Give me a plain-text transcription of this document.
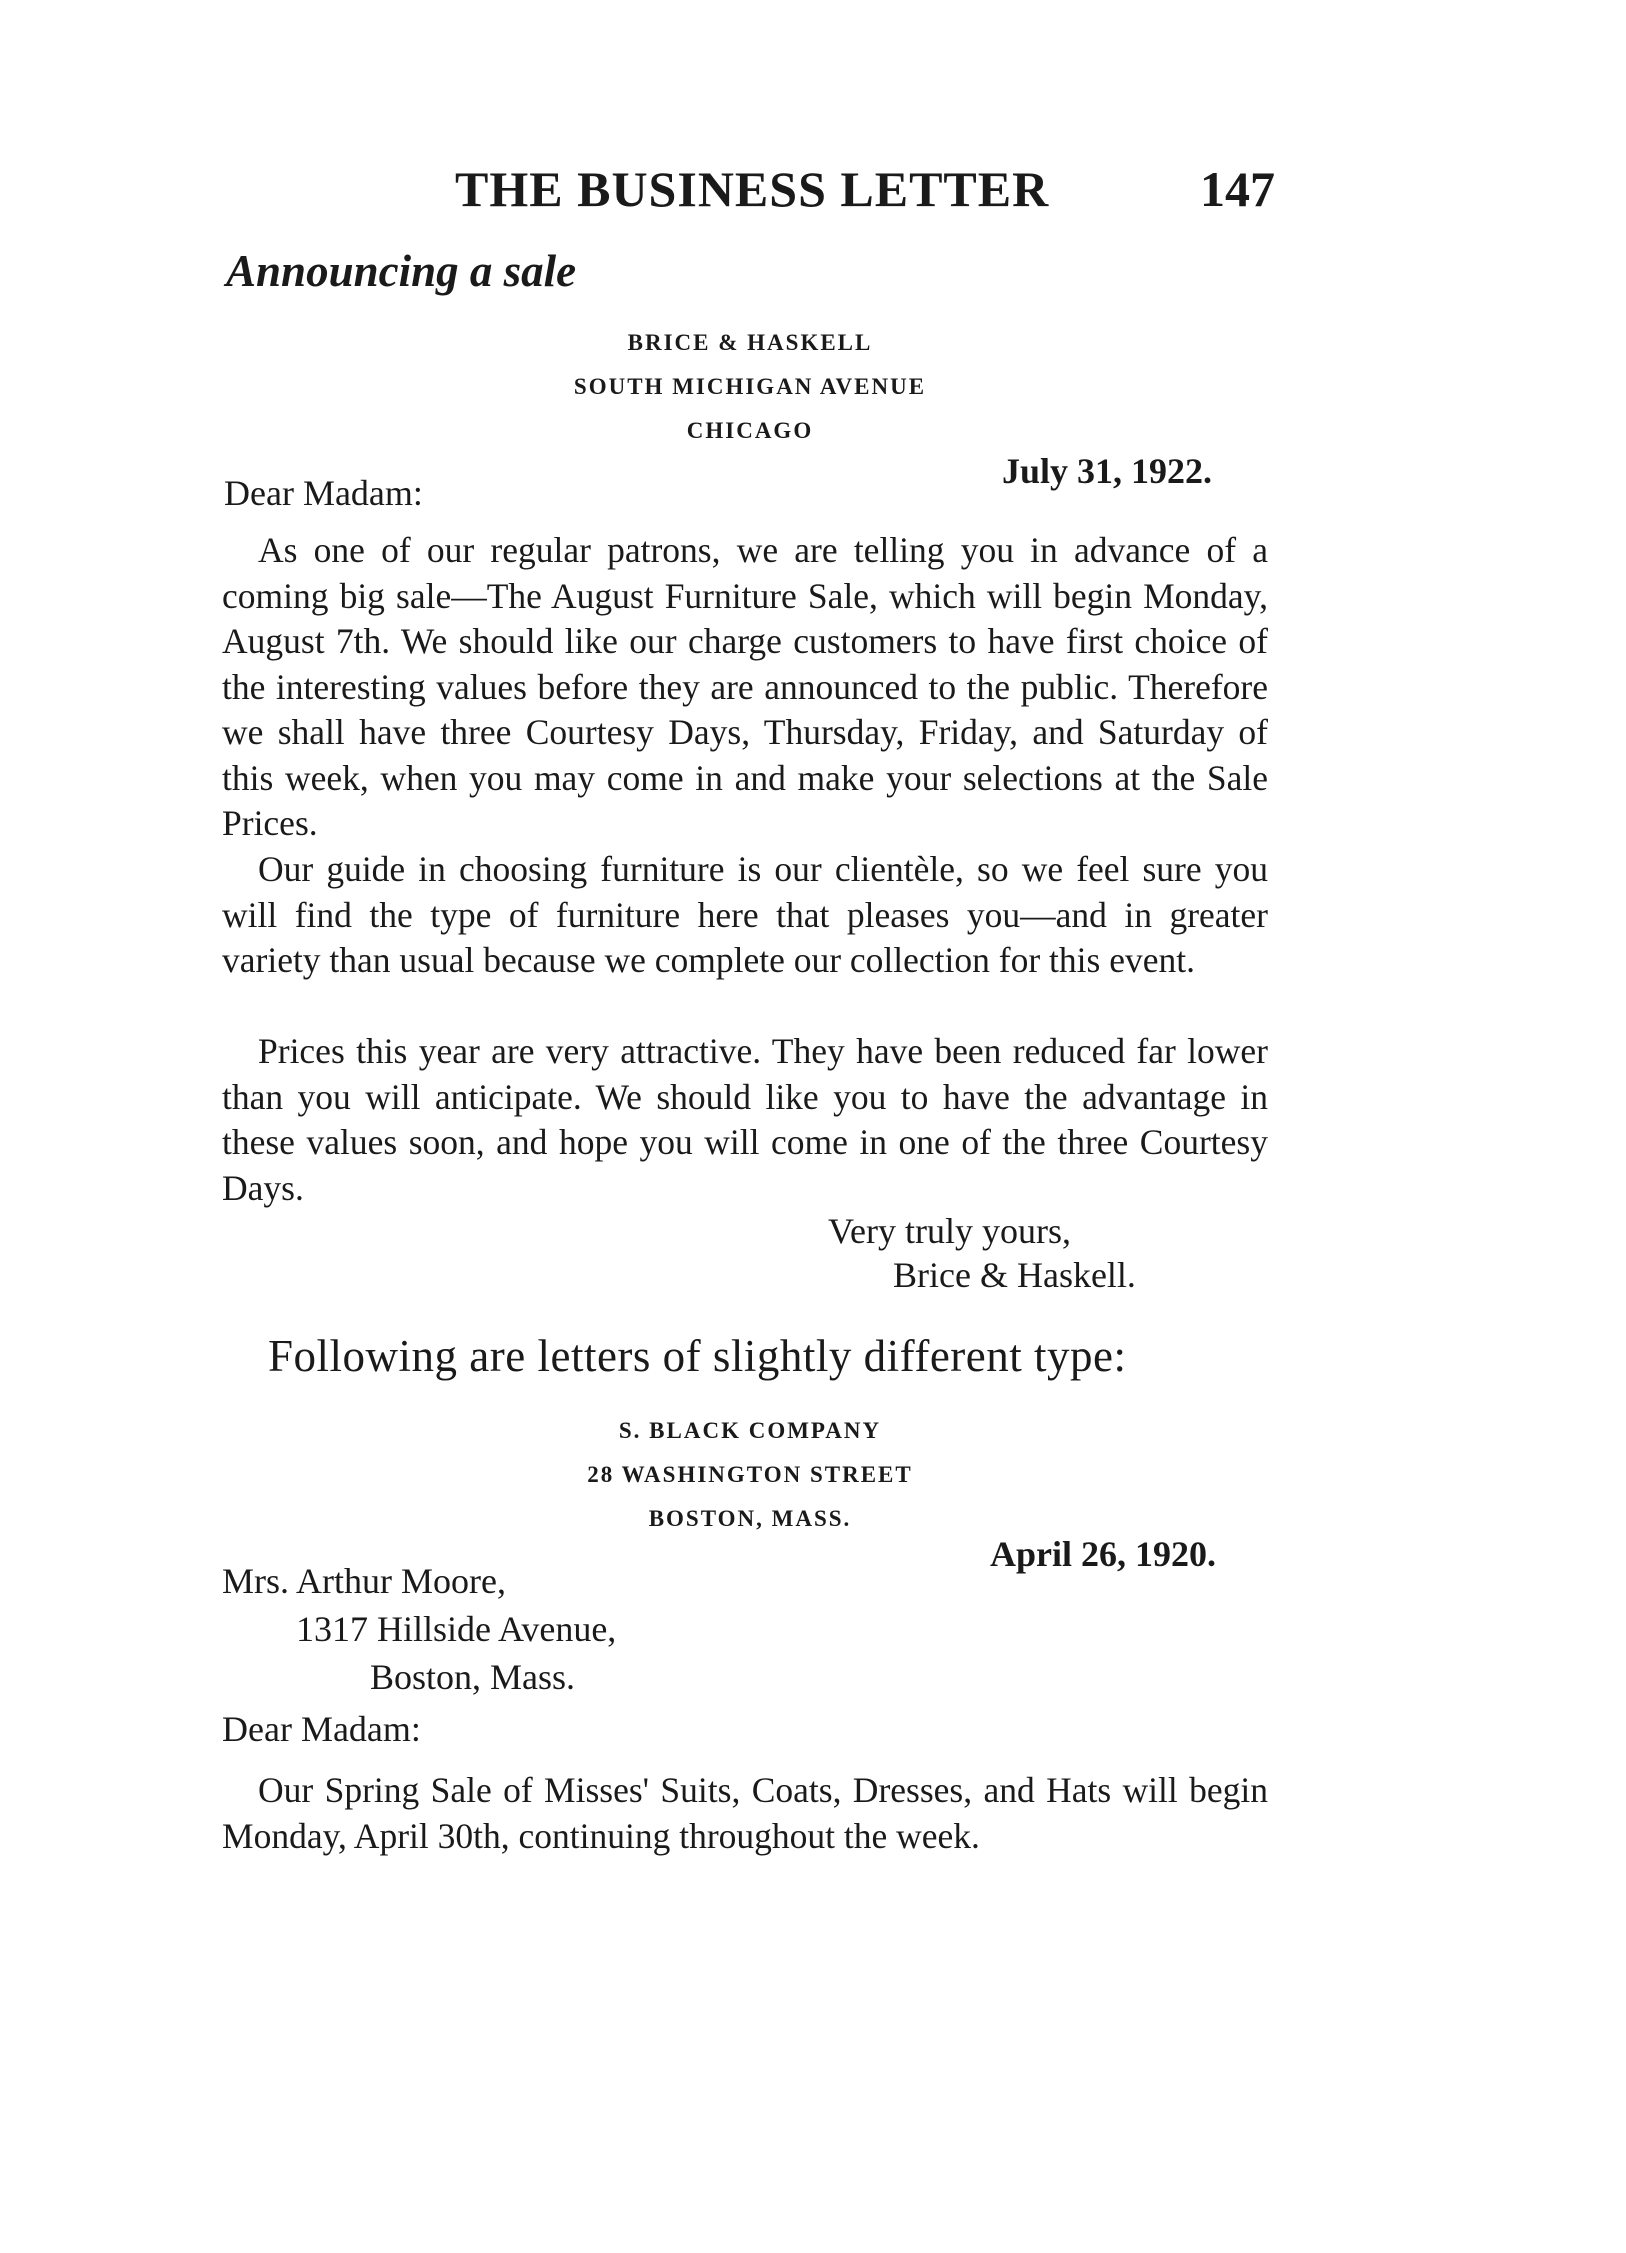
THE BUSINESS LETTER	147
Announcing a sale
BRICE & HASKELL
SOUTH MICHIGAN AVENUE
CHICAGO
July 31, 1922.
Dear Madam:
As one of our regular patrons, we are telling you in advance of a coming big sale—The August Furniture Sale, which will begin Monday, August 7th. We should like our charge customers to have first choice of the interesting values before they are announced to the public. Therefore we shall have three Courtesy Days, Thursday, Friday, and Saturday of this week, when you may come in and make your selections at the Sale Prices.
Our guide in choosing furniture is our clientèle, so we feel sure you will find the type of furniture here that pleases you—and in greater variety than usual because we complete our collection for this event.
Prices this year are very attractive. They have been reduced far lower than you will anticipate. We should like you to have the advantage in these values soon, and hope you will come in one of the three Courtesy Days.
Very truly yours,
Brice & Haskell.
Following are letters of slightly different type:
S. BLACK COMPANY
28 WASHINGTON STREET
BOSTON, MASS.
April 26, 1920.
Mrs. Arthur Moore,
1317 Hillside Avenue,
Boston, Mass.
Dear Madam:
Our Spring Sale of Misses' Suits, Coats, Dresses, and Hats will begin Monday, April 30th, continuing throughout the week.
